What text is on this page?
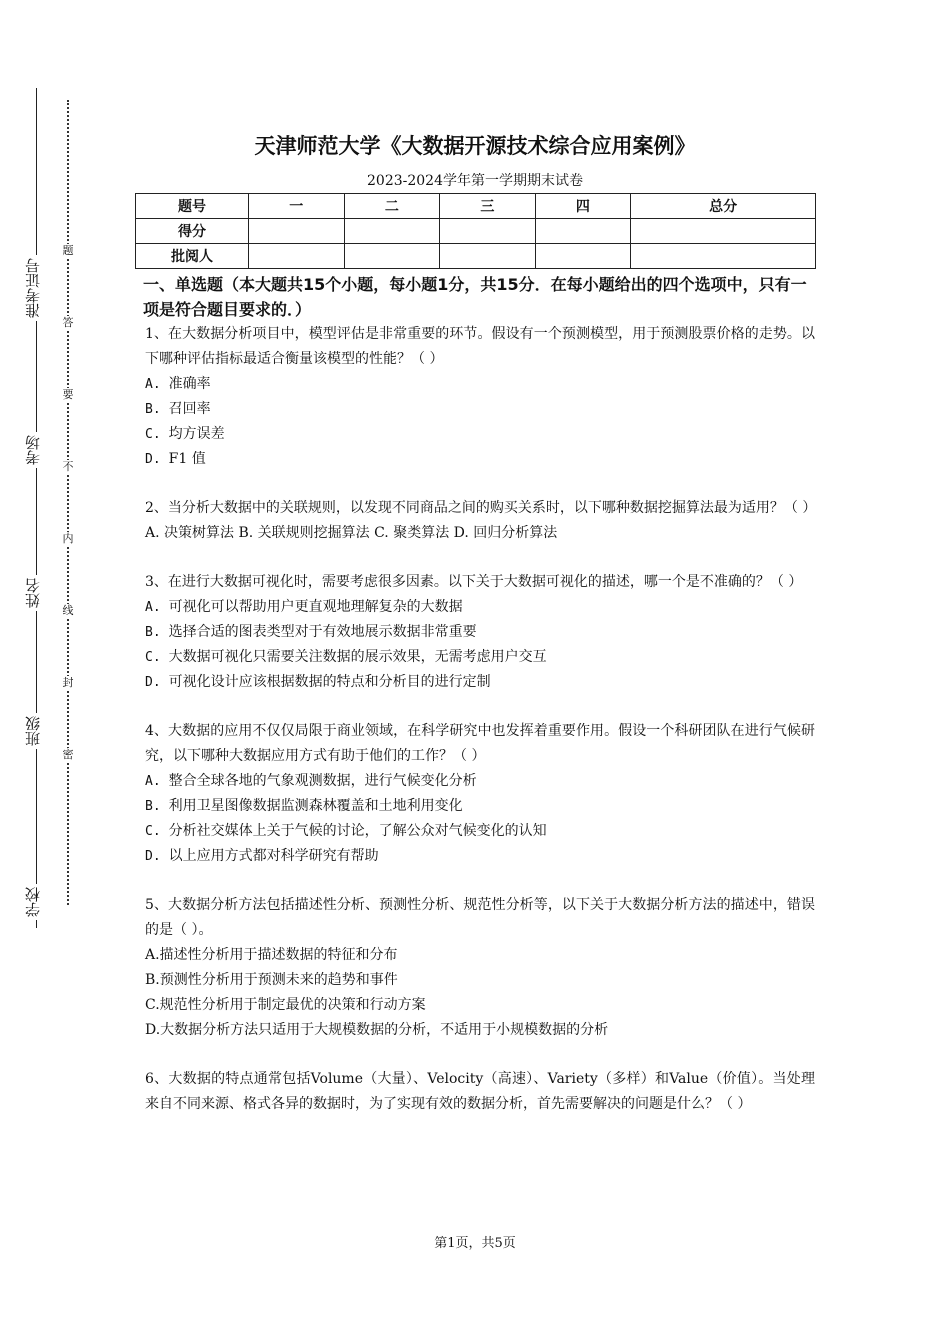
准考证号
考场
姓名
班级
学校
题
答
要
不
内
线
封
密
天津师范大学《大数据开源技术综合应用案例》
2023-2024学年第一学期期末试卷
题号	一	二	三	四	总分
得分					
批阅人					
一、单选题（本大题共15个小题，每小题1分，共15分．在每小题给出的四个选项中，只有一项是符合题目要求的．）
1、在大数据分析项目中，模型评估是非常重要的环节。假设有一个预测模型，用于预测股票价格的走势。以下哪种评估指标最适合衡量该模型的性能？（ ）
A. 准确率
B. 召回率
C. 均方误差
D. F1 值
2、当分析大数据中的关联规则，以发现不同商品之间的购买关系时，以下哪种数据挖掘算法最为适用？（ ）
A. 决策树算法 B. 关联规则挖掘算法 C. 聚类算法 D. 回归分析算法
3、在进行大数据可视化时，需要考虑很多因素。以下关于大数据可视化的描述，哪一个是不准确的？（ ）
A. 可视化可以帮助用户更直观地理解复杂的大数据
B. 选择合适的图表类型对于有效地展示数据非常重要
C. 大数据可视化只需要关注数据的展示效果，无需考虑用户交互
D. 可视化设计应该根据数据的特点和分析目的进行定制
4、大数据的应用不仅仅局限于商业领域，在科学研究中也发挥着重要作用。假设一个科研团队在进行气候研究，以下哪种大数据应用方式有助于他们的工作？（ ）
A. 整合全球各地的气象观测数据，进行气候变化分析
B. 利用卫星图像数据监测森林覆盖和土地利用变化
C. 分析社交媒体上关于气候的讨论，了解公众对气候变化的认知
D. 以上应用方式都对科学研究有帮助
5、大数据分析方法包括描述性分析、预测性分析、规范性分析等，以下关于大数据分析方法的描述中，错误的是（ ）。
A.描述性分析用于描述数据的特征和分布
B.预测性分析用于预测未来的趋势和事件
C.规范性分析用于制定最优的决策和行动方案
D.大数据分析方法只适用于大规模数据的分析，不适用于小规模数据的分析
6、大数据的特点通常包括Volume（大量）、Velocity（高速）、Variety（多样）和Value（价值）。当处理来自不同来源、格式各异的数据时，为了实现有效的数据分析，首先需要解决的问题是什么？（ ）
第1页，共5页
